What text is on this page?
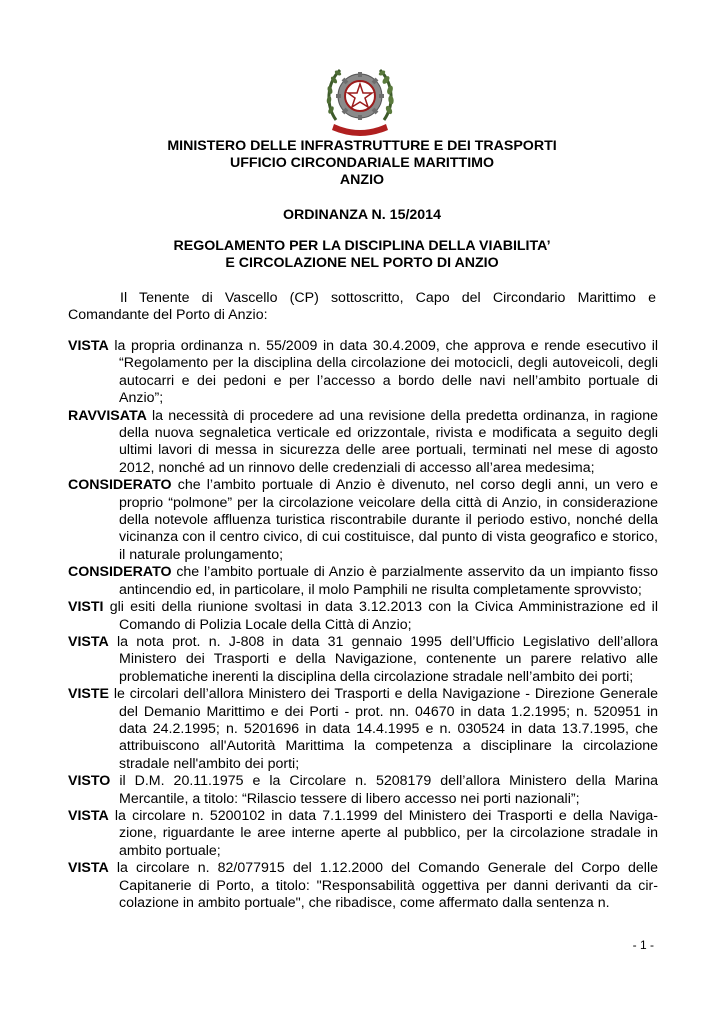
MINISTERO DELLE INFRASTRUTTURE E DEI TRASPORTI
UFFICIO CIRCONDARIALE MARITTIMO
ANZIO
ORDINANZA N. 15/2014
REGOLAMENTO PER LA DISCIPLINA DELLA VIABILITA’
E CIRCOLAZIONE NEL PORTO DI ANZIO

Il Tenente di Vascello (CP) sottoscritto, Capo del Circondario Marittimo e Comandante del Porto di Anzio:

VISTA la propria ordinanza n. 55/2009 in data 30.4.2009, che approva e rende esecutivo il “Regolamento per la disciplina della circolazione dei motocicli, degli autoveicoli, degli autocarri e dei pedoni e per l’accesso a bordo delle navi nell’ambito portuale di Anzio”;

RAVVISATA la necessità di procedere ad una revisione della predetta ordinanza, in ragione della nuova segnaletica verticale ed orizzontale, rivista e modificata a seguito degli ultimi lavori di messa in sicurezza delle aree portuali, terminati nel mese di agosto 2012, nonché ad un rinnovo delle credenziali di accesso all’area medesima;

CONSIDERATO che l’ambito portuale di Anzio è divenuto, nel corso degli anni, un vero e proprio “polmone” per la circolazione veicolare della città di Anzio, in considerazione della notevole affluenza turistica riscontrabile durante il periodo estivo, nonché della vicinanza con il centro civico, di cui costituisce, dal punto di vista geografico e storico, il naturale prolungamento;

CONSIDERATO che l’ambito portuale di Anzio è parzialmente asservito da un impianto fisso antincendio ed, in particolare, il molo Pamphili ne risulta completamente sprovvisto;

VISTI gli esiti della riunione svoltasi in data 3.12.2013 con la Civica Amministrazione ed il Comando di Polizia Locale della Città di Anzio;

VISTA la nota prot. n. J-808 in data 31 gennaio 1995 dell’Ufficio Legislativo dell’allora Ministero dei Trasporti e della Navigazione, contenente un parere relativo alle problematiche inerenti la disciplina della circolazione stradale nell’ambito dei porti;

VISTE le circolari dell’allora Ministero dei Trasporti e della Navigazione - Direzione Generale del Demanio Marittimo e dei Porti - prot. nn. 04670 in data 1.2.1995; n. 520951 in data 24.2.1995; n. 5201696 in data 14.4.1995 e n. 030524 in data 13.7.1995, che attribuiscono all'Autorità Marittima la competenza a disciplinare la circolazione stradale nell'ambito dei porti;

VISTO il D.M. 20.11.1975 e la Circolare n. 5208179 dell’allora Ministero della Marina Mercantile, a titolo: “Rilascio tessere di libero accesso nei porti nazionali”;

VISTA la circolare n. 5200102 in data 7.1.1999 del Ministero dei Trasporti e della Naviga-zione, riguardante le aree interne aperte al pubblico, per la circolazione stradale in ambito portuale;

VISTA la circolare n. 82/077915 del 1.12.2000 del Comando Generale del Corpo delle Capitanerie di Porto, a titolo: "Responsabilità oggettiva per danni derivanti da cir-colazione in ambito portuale", che ribadisce, come affermato dalla sentenza n.

- 1 -
